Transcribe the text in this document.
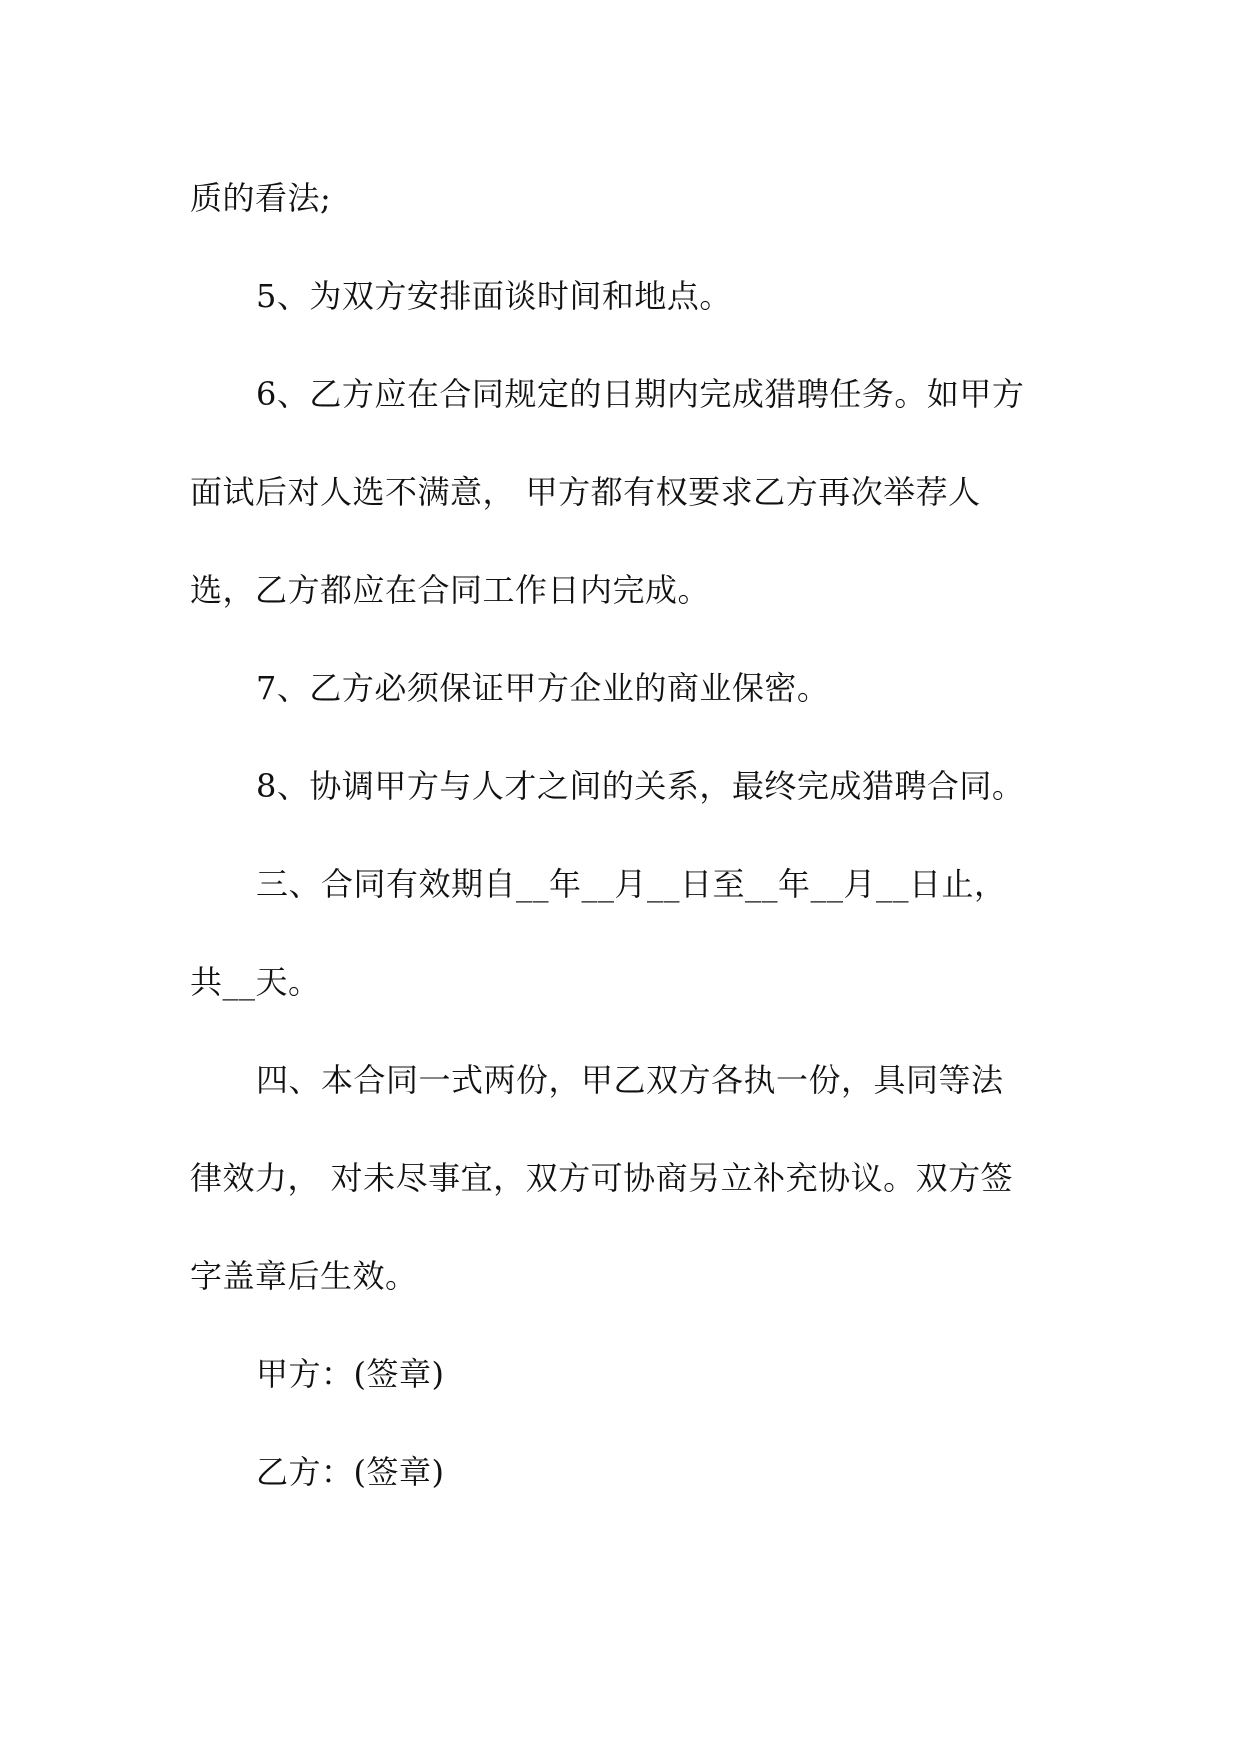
质的看法;

5、为双方安排面谈时间和地点。

6、乙方应在合同规定的日期内完成猎聘任务。如甲方

面试后对人选不满意， 甲方都有权要求乙方再次举荐人

选，乙方都应在合同工作日内完成。

7、乙方必须保证甲方企业的商业保密。

8、协调甲方与人才之间的关系，最终完成猎聘合同。

三、合同有效期自__年__月__日至__年__月__日止，

共__天。

四、本合同一式两份，甲乙双方各执一份，具同等法

律效力， 对未尽事宜，双方可协商另立补充协议。双方签

字盖章后生效。

甲方：(签章)

乙方：(签章)
